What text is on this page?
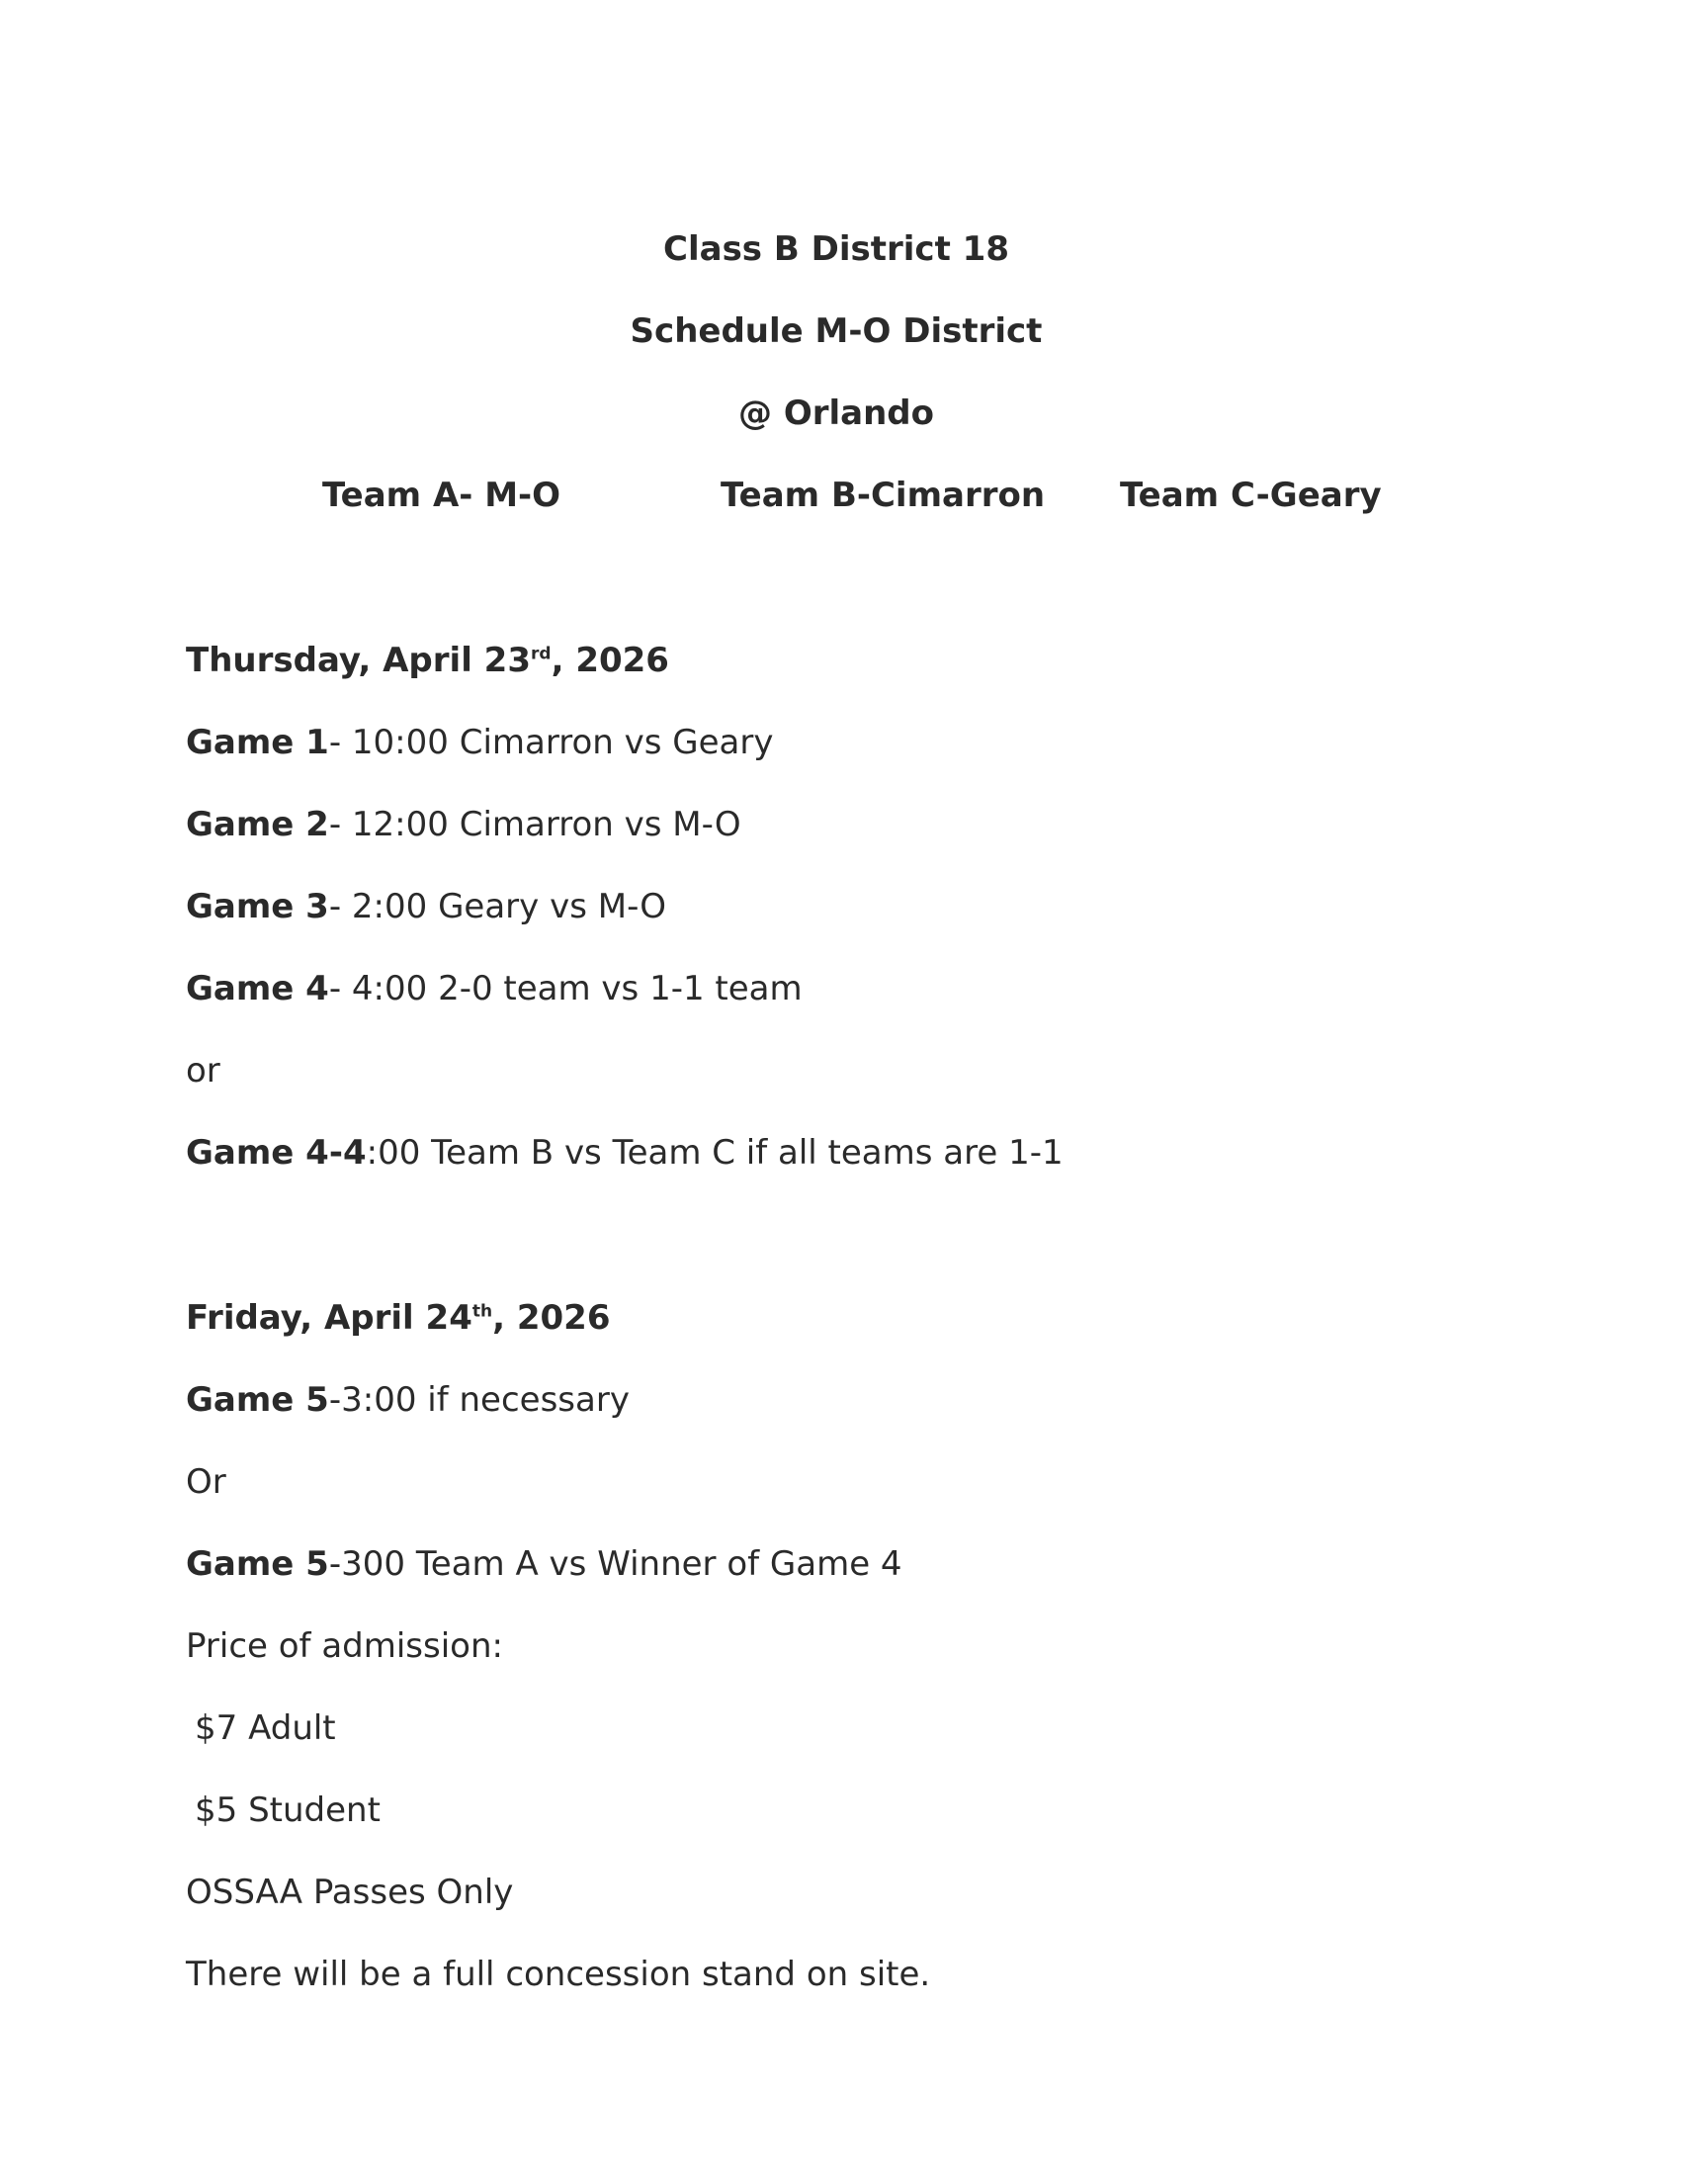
Class B District 18
Schedule M-O District
@ Orlando
Team A- M-O	Team B-Cimarron Team C-Geary
Thursday, April 23rd, 2026
Game 1- 10:00 Cimarron vs Geary
Game 2- 12:00 Cimarron vs M-O
Game 3- 2:00 Geary vs M-O
Game 4- 4:00 2-0 team vs 1-1 team
or
Game 4-4:00 Team B vs Team C if all teams are 1-1
Friday, April 24th, 2026
Game 5-3:00 if necessary
Or
Game 5-300 Team A vs Winner of Game 4
Price of admission:
$7 Adult
$5 Student
OSSAA Passes Only
There will be a full concession stand on site.
